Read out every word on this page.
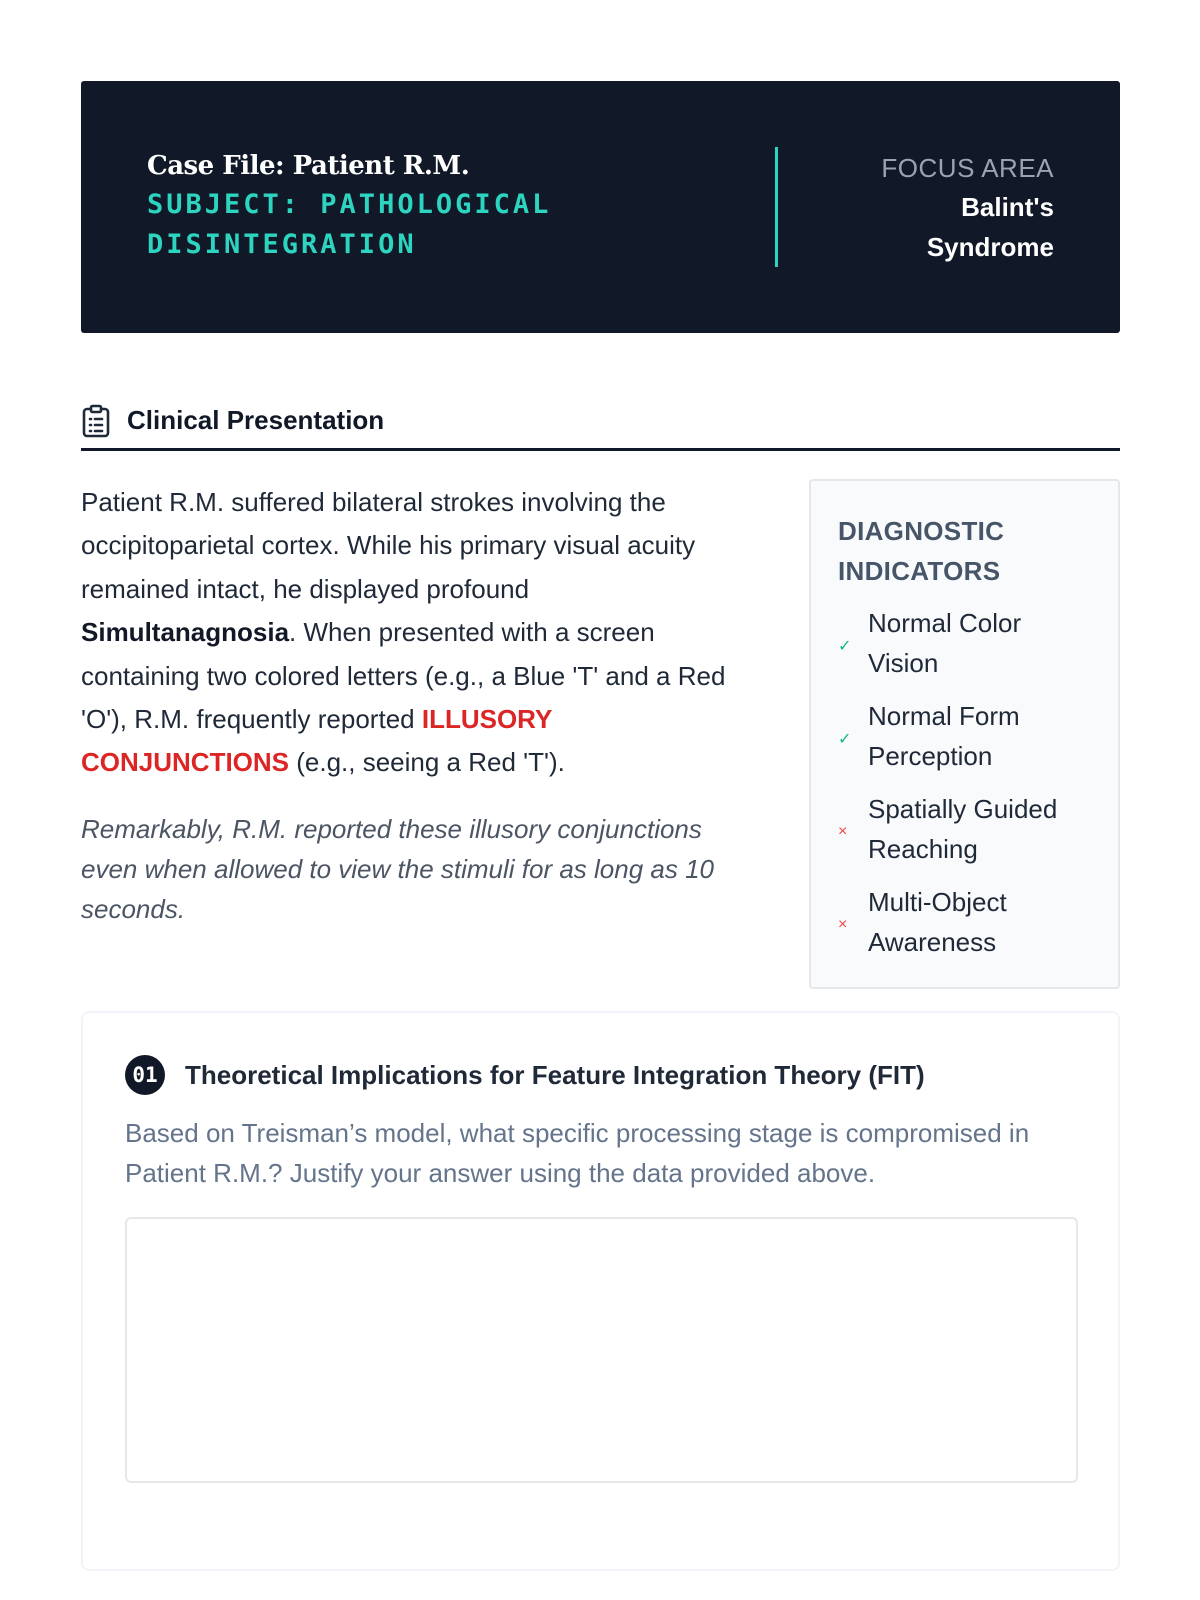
Case File: Patient R.M.
SUBJECT: PATHOLOGICAL
DISINTEGRATION
FOCUS AREA
Balint's
Syndrome
Clinical Presentation

Patient R.M. suffered bilateral strokes involving the occipitoparietal cortex. While his primary visual acuity remained intact, he displayed profound Simultanagnosia. When presented with a screen containing two colored letters (e.g., a Blue 'T' and a Red 'O'), R.M. frequently reported ILLUSORY CONJUNCTIONS (e.g., seeing a Red 'T').

Remarkably, R.M. reported these illusory conjunctions even when allowed to view the stimuli for as long as 10 seconds.

DIAGNOSTIC
INDICATORS
✓
Normal Color
Vision
✓
Normal Form
Perception
×
Spatially Guided
Reaching
×
Multi-Object
Awareness
01 Theoretical Implications for Feature Integration Theory (FIT)

Based on Treisman’s model, what specific processing stage is compromised in Patient R.M.? Justify your answer using the data provided above.
